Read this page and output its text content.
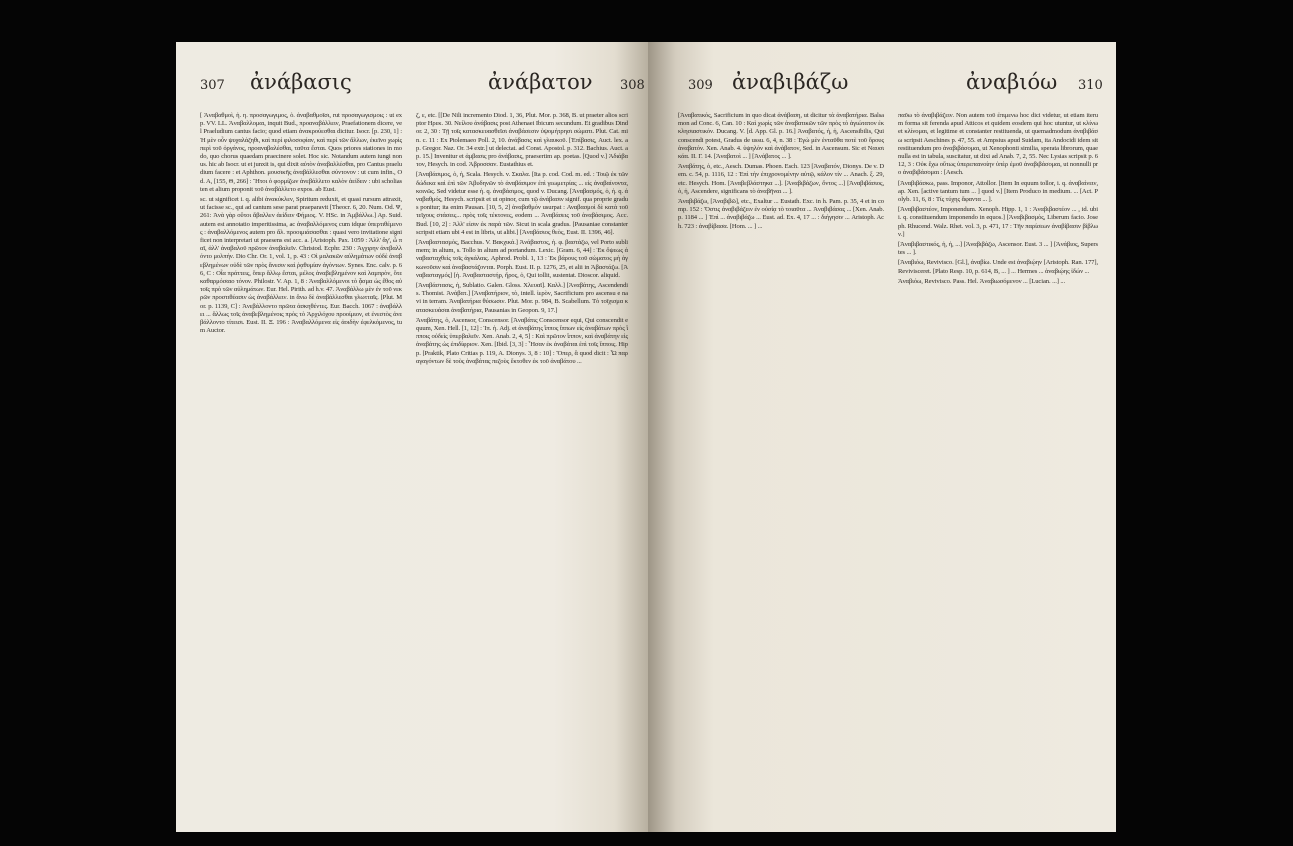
307 ἀνάβασις	ἀνάβατον 308

[ Ἀναβαθμοὶ, ἡ. η. προσαγωγιμος, ὁ. ἀναβαθμοῖσι, rut προσαγωγισμοις : ut exp. VV. LL. Ἀναβαλλομαι, inquit Bud., προαναβάλλειν, Praefationem dicere, vel Praeludium cantus facio; quod etiam ἀνακρούεσθαι dicitur. Isocr. [p. 230, 1] : Ἡ μὲν οὖν ψυχαλάζηθι, καὶ περί φιλοσοφίαν, καὶ περὶ τῶν ἄλλων, ἐκεῖνο χωρὶς περὶ τοῦ ὀργάνος, προαναβαλέσθαι, ταῦτα ἔσται. Quos priores stationes in modo, quo chorus quaedam praecinere solet. Hoc sic. Notandum autem iungi nonus. hic ab Isocr. ut et junxit is, qui dixit αὐτὸν ἀναβαλλέσθαι, pro Cantus praeludium facere : et Aphthon. μουσικῆς ἀναβάλλεσθαι σύντονον : ut cum infin., Od. A, [155, Θ, 266] : Ἤτοι ὁ φορμίζων ἀνεβάλλετο καλὸν ἀείδειν : ubi scholiasten et alium proponit τοῦ ἀναβάλλετο expos. ab Eust.

sc. ut significet i. q. alibi ἀνακύκλεν, Spiritum reduxit, et quasi rursum attraxit, ut facisse sc., qui ad cantum sese parat praeparavit [Theocr. 6, 20. Num. Od. Ψ, 261: Ἀνὰ γὰρ οὕτοι ἄβαλλεν ἀείδειν Φήμιος. V. HSc. in Ἀμβάλλω.] Ap. Suid. autem est annotatio imperitissima, ac ἀναβαλλόμενος cum idque ὑπερτιθέμενος : ἀναβαλλόμενος autem pro ἄλ. προοιμιάσασθαι : quasi vero invitatione significet non interpretari ut praesens est acc. a. [Aristoph. Pax. 1059 : Ἀλλ' ἄγ', ὦ παῖ, ἀλλ' ἀναβαλοῦ πρῶτον ἀναβαλεῖν. Christod. Ecphr. 230 : Ἀγχιρην ἀνεβαλλόντο μολπήν. Dio Chr. Or. 1, vol. 1, p. 43 : Οἱ μαλακῶν αὐλημάτων οὐδὲ ἀναβεβλημένων οὐδὲ τῶν πρὸς ἄνεσιν καὶ ῥᾳθυμίαν ἀγόντων. Synes. Enc. calv. p. 66, C : Οἷα πράττεις, ὅπερ ἄλλῳ ἔσται, μέλος ἀναβεβλημένον καὶ λαμπρὸν, ὅτε καθαρμόσαιο τόνον. Philostr. V. Ap. 1, 8 : Ἀναβαλλόμενοι τὸ ᾆσμα ὡς ἔθος αὐτοῖς πρὸ τῶν αὐλημάτων. Eur. Hel. Pirith. ad h.v. 47. Ἀναβάλλω μὲν ἐν τοῦ νεκρῶν προστιθέασιν ὡς ἀναβάλλειν. in ἄνω δὲ ἀναβάλλεσθαι γλωτταῖς. [Plut. Mor. p. 1139, C] : Ἀνεβάλλοντο πρῶτα ἀσκηθέντες. Eur. Bacch. 1067 : ἀναβάλλει ... ἅλλως τοῖς ἀναβεβλημένοις πρὸς τὸ Ἀρχιλόχου προοίμιον, et ἐνεστὸς ἀνεβάλλοντο τίτεισι. Eust. II. Ξ. 196 : Ἀναβαλλόμενα εἰς ἀοιδὴν ἐφελκόμενος, tum Auctor.

ζ, ε, etc. [[De Nili incremento Diod. 1, 36, Plut. Mor. p. 368, B. ut praeter alios scriptor Ηρεκ. 30. Νείλου ἀνάβασις post Athenaei Ibicum secundum. Et gradibus Dindor. 2, 30 : Τῇ τοῖς κατασκευασθεῖσι ἀναβάσεσιν ὑψομήτρησι σώματι. Plut. Cat. min. c. 11 : Ex Ptolemaeo Poll. 2, 10. ἀνάβασις καὶ γλαυκοῦ. [Ἐπίβασις, Auct. lex. ap. Gregor. Naz. Or. 34 extr.] ut delectat. ad Const. Apostol. p. 312. Bachius. Auct. ap. 15.] Invenitur et ἀμβασις pro ἀνάβασις, praesertim ap. poetas. [Quod v.] Ἀδιάβατον, Hesych. in cod. Ἀβροσσαν. Eustathius et.

[Ἀναβάσιμος, ὁ, ἡ, Scala. Hesych. v. Σκαλα. [Ita p. cod. Cod. m. ed. : Τοιῷ ἐκ τῶν δώδεκα καὶ ἐπὶ τῶν Ἀβυδηνῶν τὸ ἀναβάσιμον ἐπὶ γεωμετρίας ... εἰς ἀναβαίνοντα, κοινῶς. Sed videtur esse ἡ. q. ἀναβάσιμος, quod v. Ducang. [Ἀναβασμός, ὁ, ἡ. q. ἀναβαθμός, Hesych. scripsit et ut opinor, cum τῷ ἀνάβασιν signif. qua proprie gradus ponitur; ita enim Pausan. [10, 5, 2] ἀναβαθμόν usurpat : Αναβασμοὶ δὲ κατὰ τοῦ τεῖχους στάσεις... πρὸς τοῖς τέκτονες, eodem ... Ἀναβάσεις τοῦ ἀναβάσιμος. Acc. Bud. [10, 2] : Ἀλλ' εἰσιν ἐκ παρὰ τῶν. Sicut in scala gradus. [Pausaniae constanter scripsit etiam ubi 4 est in libris, ut alibi.] [Ἀναβάσιος θεὸς, Eust. II. 1396, 46].

[Ἀναβαστασμὸς, Bacchus. V. Βακχικά.] Ἀνάβαστος, ἡ. φ. βαστάζω, vel Porto sublimem; in altum, s. Tollo in altum ad portandum. Lexic. [Gram. 6, 44] : Ἐκ ὄψεως ἀναβασταχθεὶς τοῖς ἀγκάλαις. Aphrod. Probl. 1, 13 : Ἐκ βάρους τοῦ σώματος μὴ ἀγκωνοῦσιν καὶ ἀναβαστάζονται. Porph. Eust. II. p. 1276, 25, et alii in Ἀβαστάζω. [Ἀναβασταγμός] [ἡ. Ἀναβασταστήρ, ἤρος, ὁ, Qui tollit, sustentat. Dioscor. aliquid.

[Ἀναβάστασις, ἡ, Sublatio. Galen. Gloss. Χλευαῖ]. Καλλ.] [Ἀναβάτης, Ascendendis. Thomist. Ἀνάβατ.] [Ἀναβατήριον, τὸ, intell. ἱερὸν, Sacrificium pro ascensu e navi in terram. Ἀναβατήρια θύσωσιν. Plut. Mor. p. 984, B. Scabellum. Τὸ τοῖχισμα κατασκευάσαι ἀναβατήρια, Pausanias in Geopon. 9, 17.]

Ἀναβάτης, ὁ, Ascensor, Conscensor. [Ἀναβάτις Conscensor equi, Qui conscendit equum, Xen. Hell. [1, 12] : Ἱπ. ἡ. Adj. et ἀναβάτης ἵππος ἵππων εἰς ἀναβάτων πρὸς ἵπποις οὐδεὶς ὑπερβαλεῖν. Xen. Anab. 2, 4, 5] : Καὶ πρῶτον ἵππον, καὶ ἀναβάτην εἰς ἀναβάτης ὡς ἐπιδίφριον. Xen. [Ibid. [3, 3] : Ἦσαν ἐκ ἀναβάται ἐπὶ τοῖς ἵπποις. Hipp. [Praktik, Plato Critias p. 119, A. Dionys. 3, 8 : 10] : Ὅπερ, ἃ quod dicit : Ὧ παραγαγόντων δὲ τοὺς ἀναβάτας πεζοὺς ἔκτοθεν ἐκ τοῦ ἀναβάτου ...

309 ἀναβιβάζω	ἀναβιόω 310

[Ἀναβατικός, Sacrificium in quo dicat ἀνάβαση, ut dicitur τὰ ἀναβατήρια. Balsamon ad Conc. 6, Can. 10 : Καὶ χωρὶς τῶν ἀναβατικῶν τῶν πρὸς τὸ ἁγιώτατον ἐκκλησιαστικόν. Ducang. V. [d. App. Gl. p. 16.] Ἀναβατός, ἡ, ἡ, Ascensibilis, Qui conscendi potest, Gradus de ussu. 6, 4, n. 38 : Ἐγὼ μὲν ἐνταῦθα ποτὲ τοῦ ὄρους ἀναβατόν. Xen. Anab. 4. ὑψηλὸν καὶ ἀνάβατον, Sed. in Ascensum. Sic et Nαυσικάα. II. Γ. 14. [Ἀναβατοὶ ... ] [Ἀνάβατος ... ].

Ἀναβάτης, ὁ, etc., Aesch. Dumas. Phoen. Esch. 123 [Ἀναβατόν, Dionys. De v. Dem. c. 54, p. 1116, 12 : Ἐπὶ τὴν ἐπιχρονομένην αὐτῷ, κάλον τίν ... Anach. ξ. 29, etc. Hesych. Hom. [Ἀναβεβλάστηκα ...]. [Ἀναβιβάζων, ὄντος ...] [Ἀναβιβάσιος, ὁ, ἡ, Ascendere, significans τὸ ἀναβῆναι ... ].

Ἀναβιβάζω, [Ἀναβιβῶ], etc., Exaltur ... Eustath. Exc. in h. Pam. p. 35, 4 et in comp. 152 : Ὅστις ἀναβιβάζειν ἐν οὐσίᾳ τὸ τοιαῦτα ... Ἀναβιβάσας ... [Xen. Anab. p. 1184 ... ] Ἐπὶ ... ἀναβιβάζω ... Eust. ad. Ex. 4, 17 ... : διήγησιν ... Aristoph. Ach. 723 : ἀναβίβασα. [Hom. ... ] ...

παῦω τὸ ἀναβιβάζειν. Non autem τοῦ ἐπιμενω hoc dici videtur, ut etiam iterum forma sit ferenda apud Atticos et quidem eosdem qui hoc utuntur, ut κλίνω et κλίνομαι, et legitime et constanter restituenda, ut quemadmodum ἀναβιβάσω scripsit Aeschines p. 47, 55. et Ampsius apud Suidam, ita Andocidi idem sit restituendum pro ἀναβιβάσομαι, ut Xenophonti similia, sperata librorum, quae nulla est in tabula, suscitatur, ut dixi ad Anab. 7, 2, 55. Nec Lysias scripsit p. 612, 3 : Οὐκ ἔχω οὕτως ὑπερεπαινοίην ὑπὲρ ἐμοῦ ἀναβιβάσομαι, ut nonnulli pro ἀναβιβάσομαι : [Aesch.

[Ἀναβιβάσκω, pass. Imponor, Attollor. [Item In equum tollor, i. q. ἀναβαίνειν, ap. Xen. [active tantum tum ... ] quod v.] [Item Produco in medium. ... [Act. Polyb. 11, 6, 8 : Τίς τύχης ἄφαντα ... ].

[Ἀναβιβαστέον, Imponendum. Xenoph. Hipp. 1, 1 : Ἀναβιβαστέον ... , id. ubi i. q. constituendum imponendo in equos.] [Ἀναβιβασμὸς, Liberum facio. Joseph. Rhucend. Walz. Rhet. vol. 3, p. 471, 17 : Τῆν παρίσεων ἀναβίβασιν βίβλων.]

[Ἀναβιβαστικός, ἡ, ἡ, ...] [Ἀναβιβάζω, Ascensor. Eust. 3 ... ] [Ἀνάβιος, Superstes ... ].

[Ἀναβιόω, Revivisco. [Gl.], ἀναβίω. Unde est ἀναβιῴην [Aristoph. Ran. 177], Revivisceret. [Plato Resp. 10, p. 614, B, ... ] ... Hermes ... ἀναβιῴης ἰδών ...

Ἀναβιόω, Revivisco. Pass. Hel. Ἀναβιωσόμενον ... [Lucian. ...] ...
